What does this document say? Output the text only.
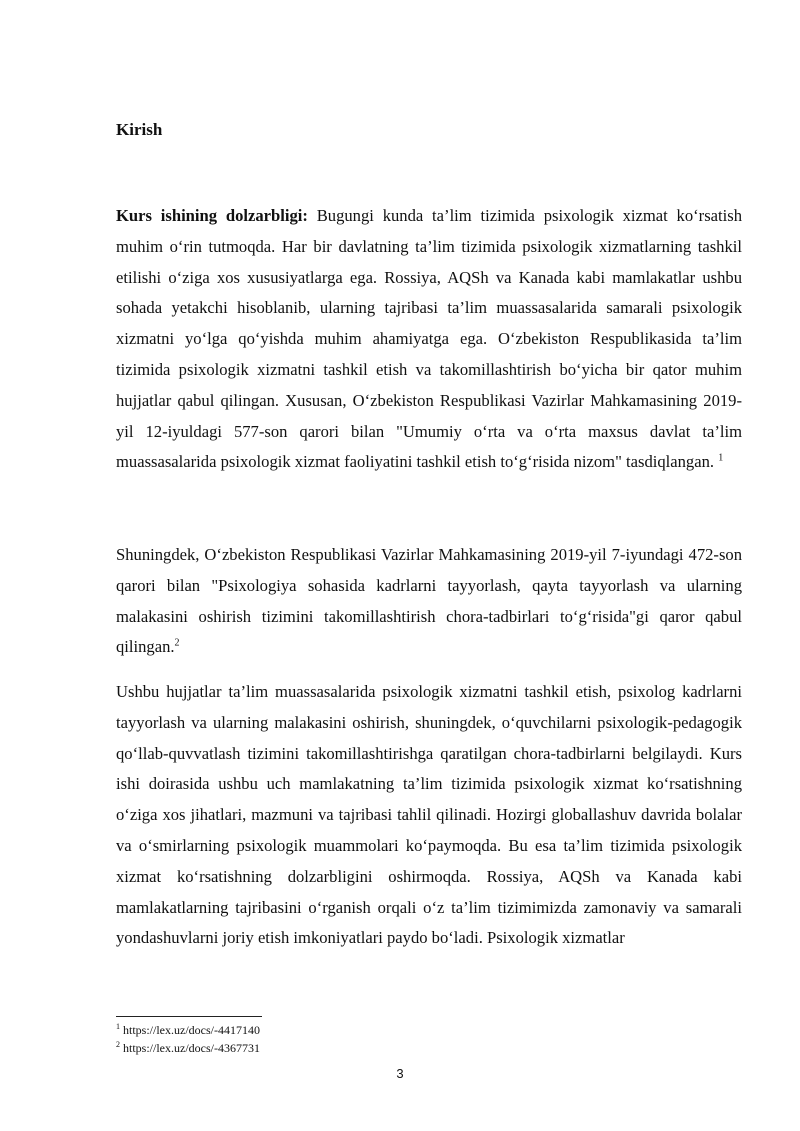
Kirish

Kurs ishining dolzarbligi: Bugungi kunda ta’lim tizimida psixologik xizmat ko‘rsatish muhim o‘rin tutmoqda. Har bir davlatning ta’lim tizimida psixologik xizmatlarning tashkil etilishi o‘ziga xos xususiyatlarga ega. Rossiya, AQSh va Kanada kabi mamlakatlar ushbu sohada yetakchi hisoblanib, ularning tajribasi ta’lim muassasalarida samarali psixologik xizmatni yo‘lga qo‘yishda muhim ahamiyatga ega. O‘zbekiston Respublikasida ta’lim tizimida psixologik xizmatni tashkil etish va takomillashtirish bo‘yicha bir qator muhim hujjatlar qabul qilingan. Xususan, O‘zbekiston Respublikasi Vazirlar Mahkamasining 2019-yil 12-iyuldagi 577-son qarori bilan "Umumiy o‘rta va o‘rta maxsus davlat ta’lim muassasalarida psixologik xizmat faoliyatini tashkil etish to‘g‘risida nizom" tasdiqlangan. $^1$

Shuningdek, O‘zbekiston Respublikasi Vazirlar Mahkamasining 2019-yil 7-iyundagi 472-son qarori bilan "Psixologiya sohasida kadrlarni tayyorlash, qayta tayyorlash va ularning malakasini oshirish tizimini takomillashtirish chora-tadbirlari to‘g‘risida"gi qaror qabul qilingan.$^2$

Ushbu hujjatlar ta’lim muassasalarida psixologik xizmatni tashkil etish, psixolog kadrlarni tayyorlash va ularning malakasini oshirish, shuningdek, o‘quvchilarni psixologik-pedagogik qo‘llab-quvvatlash tizimini takomillashtirishga qaratilgan chora-tadbirlarni belgilaydi. Kurs ishi doirasida ushbu uch mamlakatning ta’lim tizimida psixologik xizmat ko‘rsatishning o‘ziga xos jihatlari, mazmuni va tajribasi tahlil qilinadi. Hozirgi globallashuv davrida bolalar va o‘smirlarning psixologik muammolari ko‘paymoqda. Bu esa ta’lim tizimida psixologik xizmat ko‘rsatishning dolzarbligini oshirmoqda. Rossiya, AQSh va Kanada kabi mamlakatlarning tajribasini o‘rganish orqali o‘z ta’lim tizimimizda zamonaviy va samarali yondashuvlarni joriy etish imkoniyatlari paydo bo‘ladi. Psixologik xizmatlar

$^1$ https://lex.uz/docs/-4417140
$^2$ https://lex.uz/docs/-4367731
3
